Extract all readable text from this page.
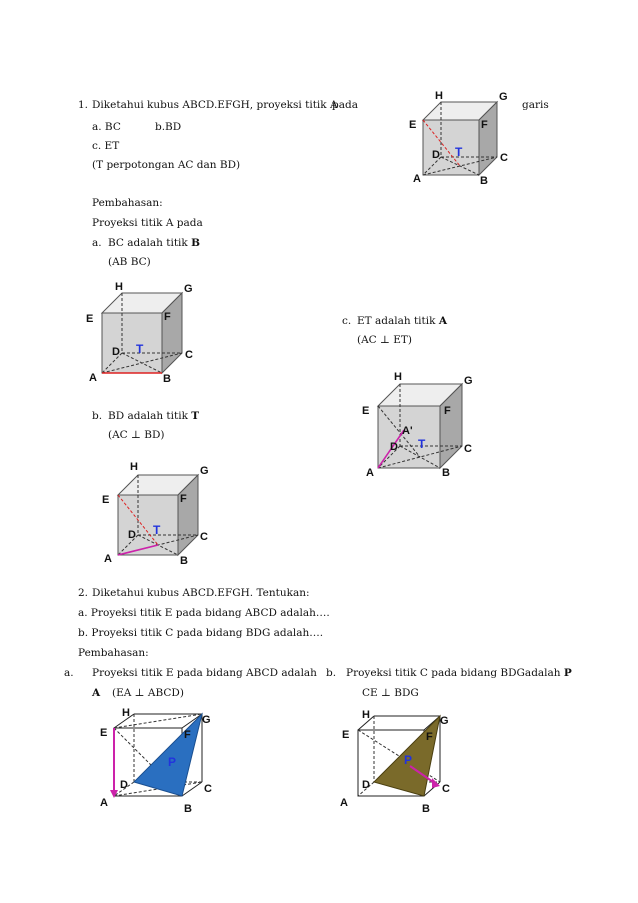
1. Diketahui kubus ABCD.EFGH, proyeksi titik A
pada	garis
a. BC	b.BD
c. ET
(T perpotongan AC dan BD)
Pembahasan:
Proyeksi titik A pada
a. BC adalah titik B
(AB BC)
c. ET adalah titik A
(AC ⊥ ET)
b. BD adalah titik T
(AC ⊥ BD)
H	G
E	F
D T	C
A	B
H	G
E	F
D T	C
A	B
H	G
E	F
D T	C
A	B
H	G
E	F
A'
D T	C
A	B
2. Diketahui kubus ABCD.EFGH. Tentukan:
a. Proyeksi titik E pada bidang ABCD adalah….
b. Proyeksi titik C pada bidang BDG adalah….
Pembahasan:
a. Proyeksi titik E pada bidang ABCD adalah
A (EA ⊥ ABCD)
b. Proyeksi titik C pada bidang BDGadalah P
CE ⊥ BDG
H
G
E	F
P
D	C
A	B
H	G
E	F
P
D	C
A	B
